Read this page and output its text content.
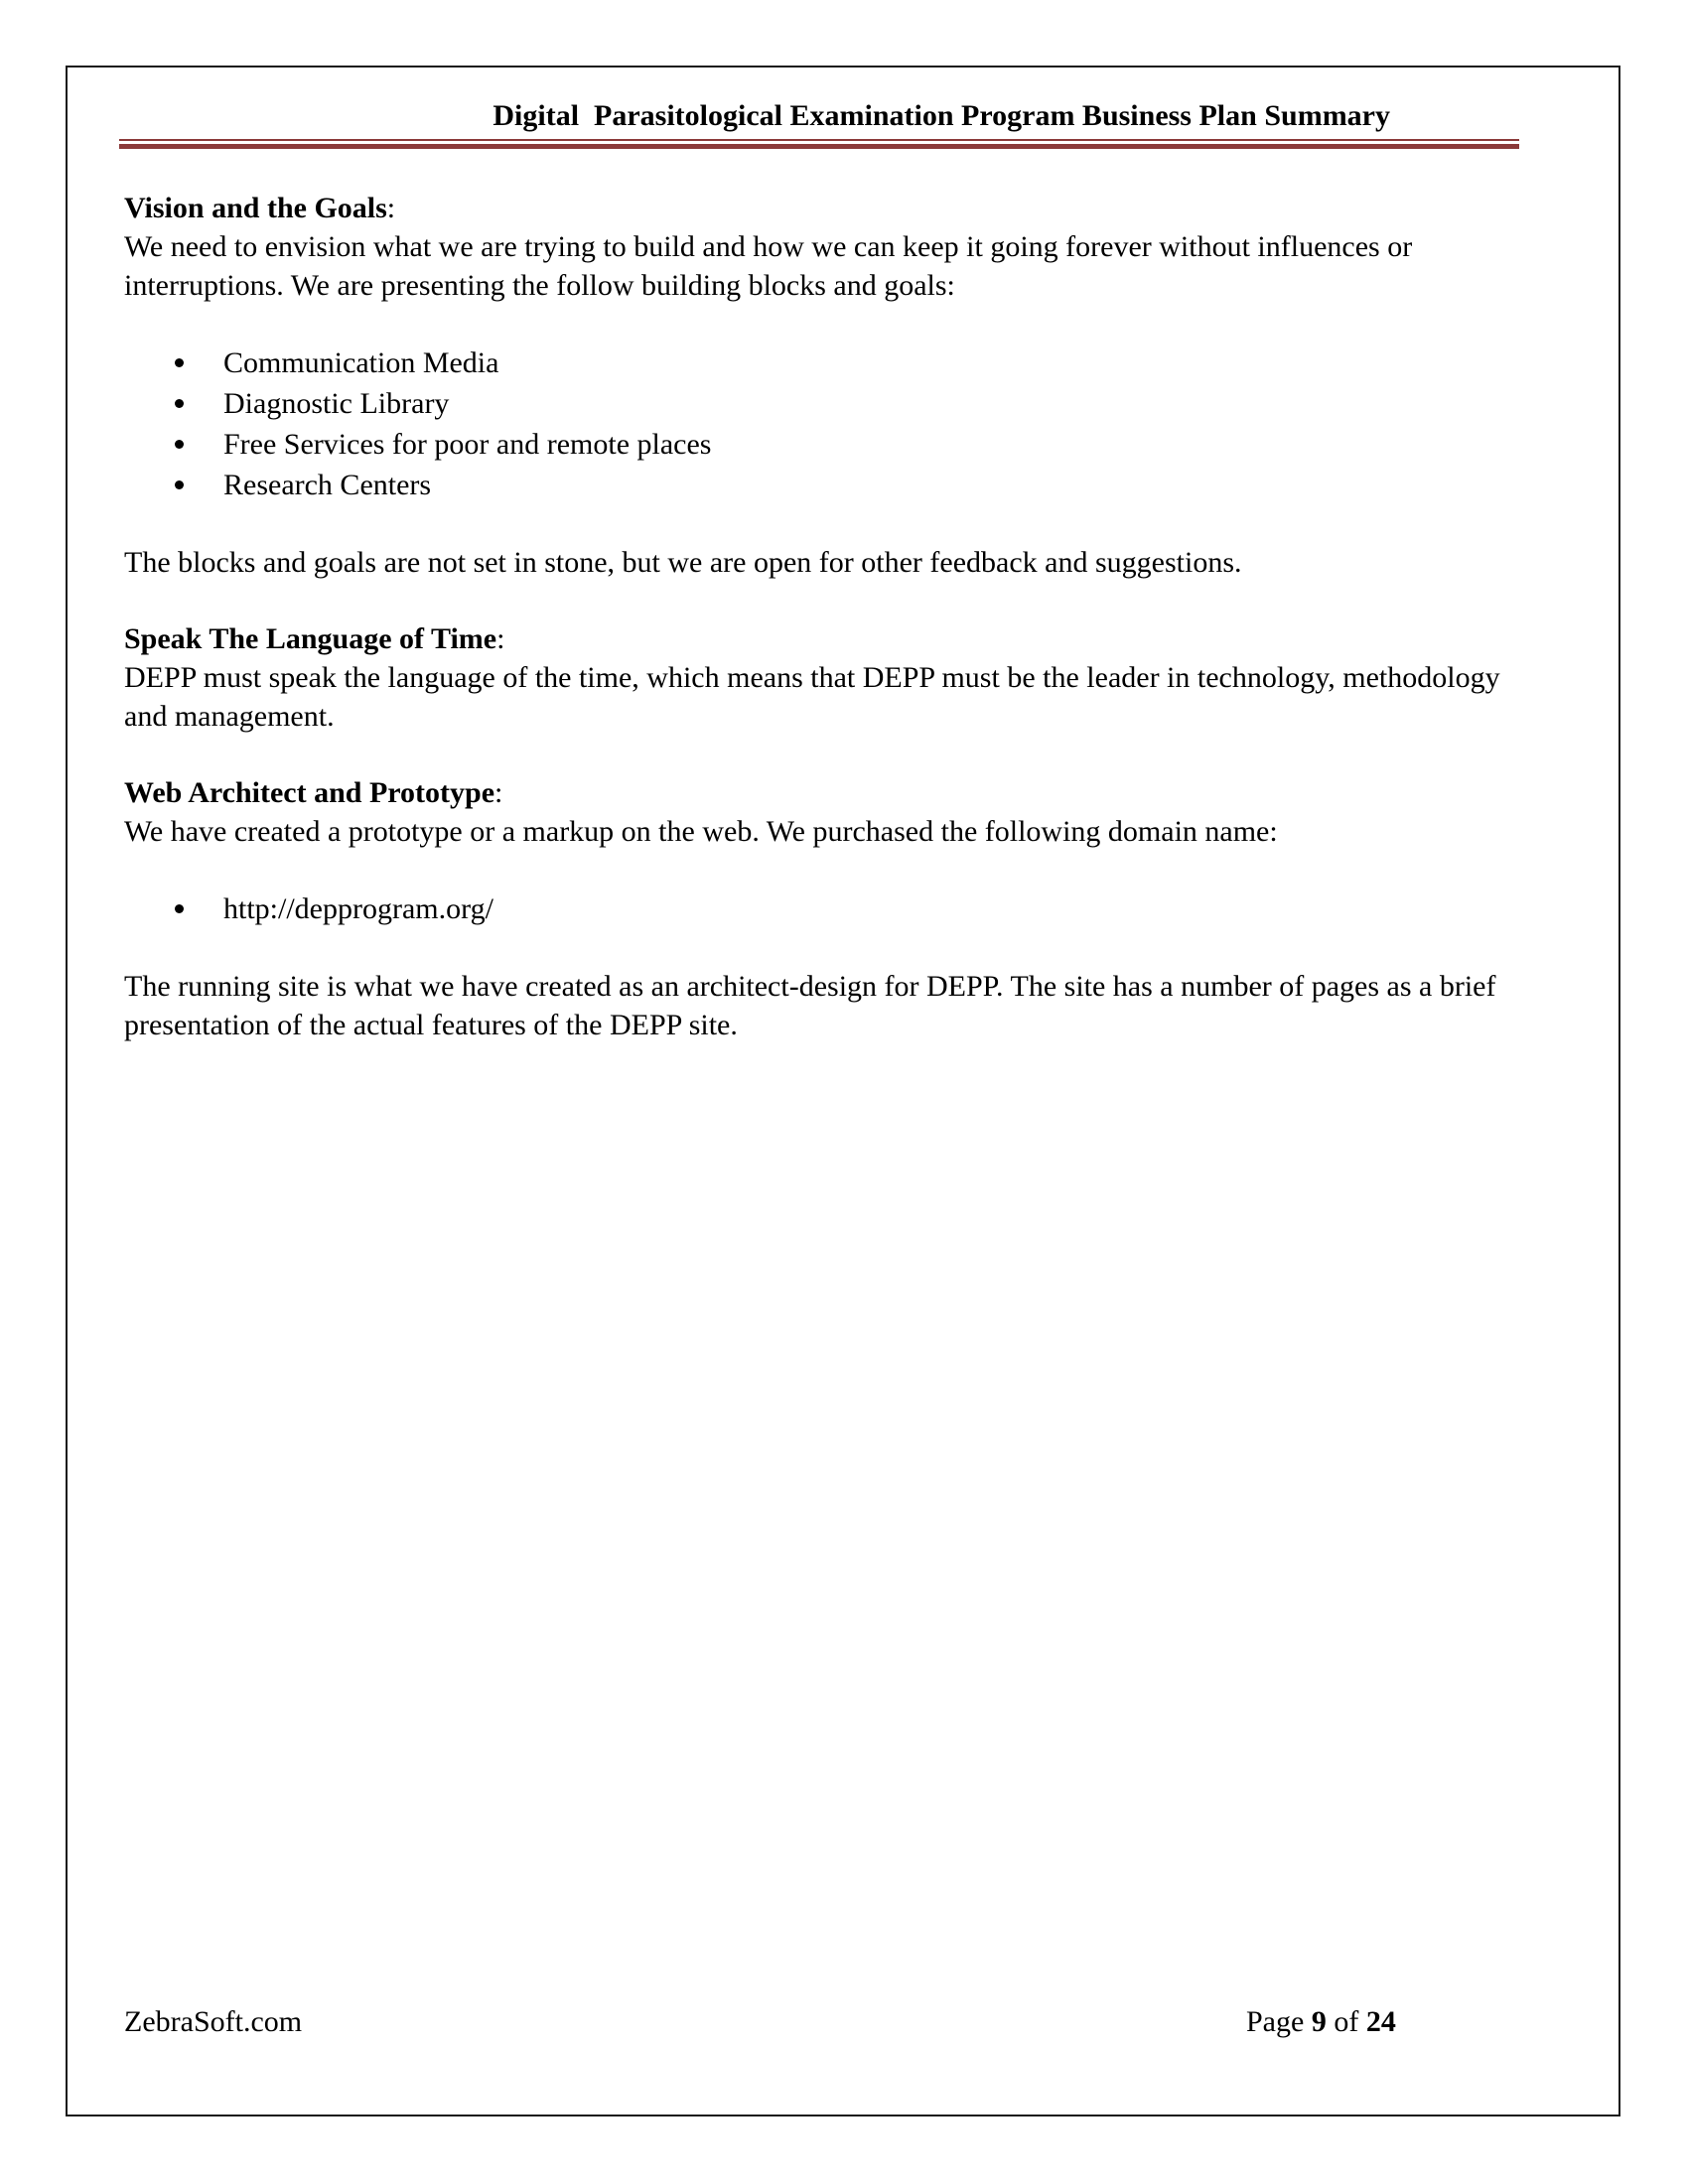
Digital  Parasitological Examination Program Business Plan Summary

Vision and the Goals:

We need to envision what we are trying to build and how we can keep it going forever without influences or interruptions. We are presenting the follow building blocks and goals:

Communication Media
Diagnostic Library
Free Services for poor and remote places
Research Centers

The blocks and goals are not set in stone, but we are open for other feedback and suggestions.

Speak The Language of Time:

DEPP must speak the language of the time, which means that DEPP must be the leader in technology, methodology and management.

Web Architect and Prototype:

We have created a prototype or a markup on the web. We purchased the following domain name:

http://depprogram.org/

The running site is what we have created as an architect-design for DEPP. The site has a number of pages as a brief presentation of the actual features of the DEPP site.

ZebraSoft.com	Page 9 of 24
